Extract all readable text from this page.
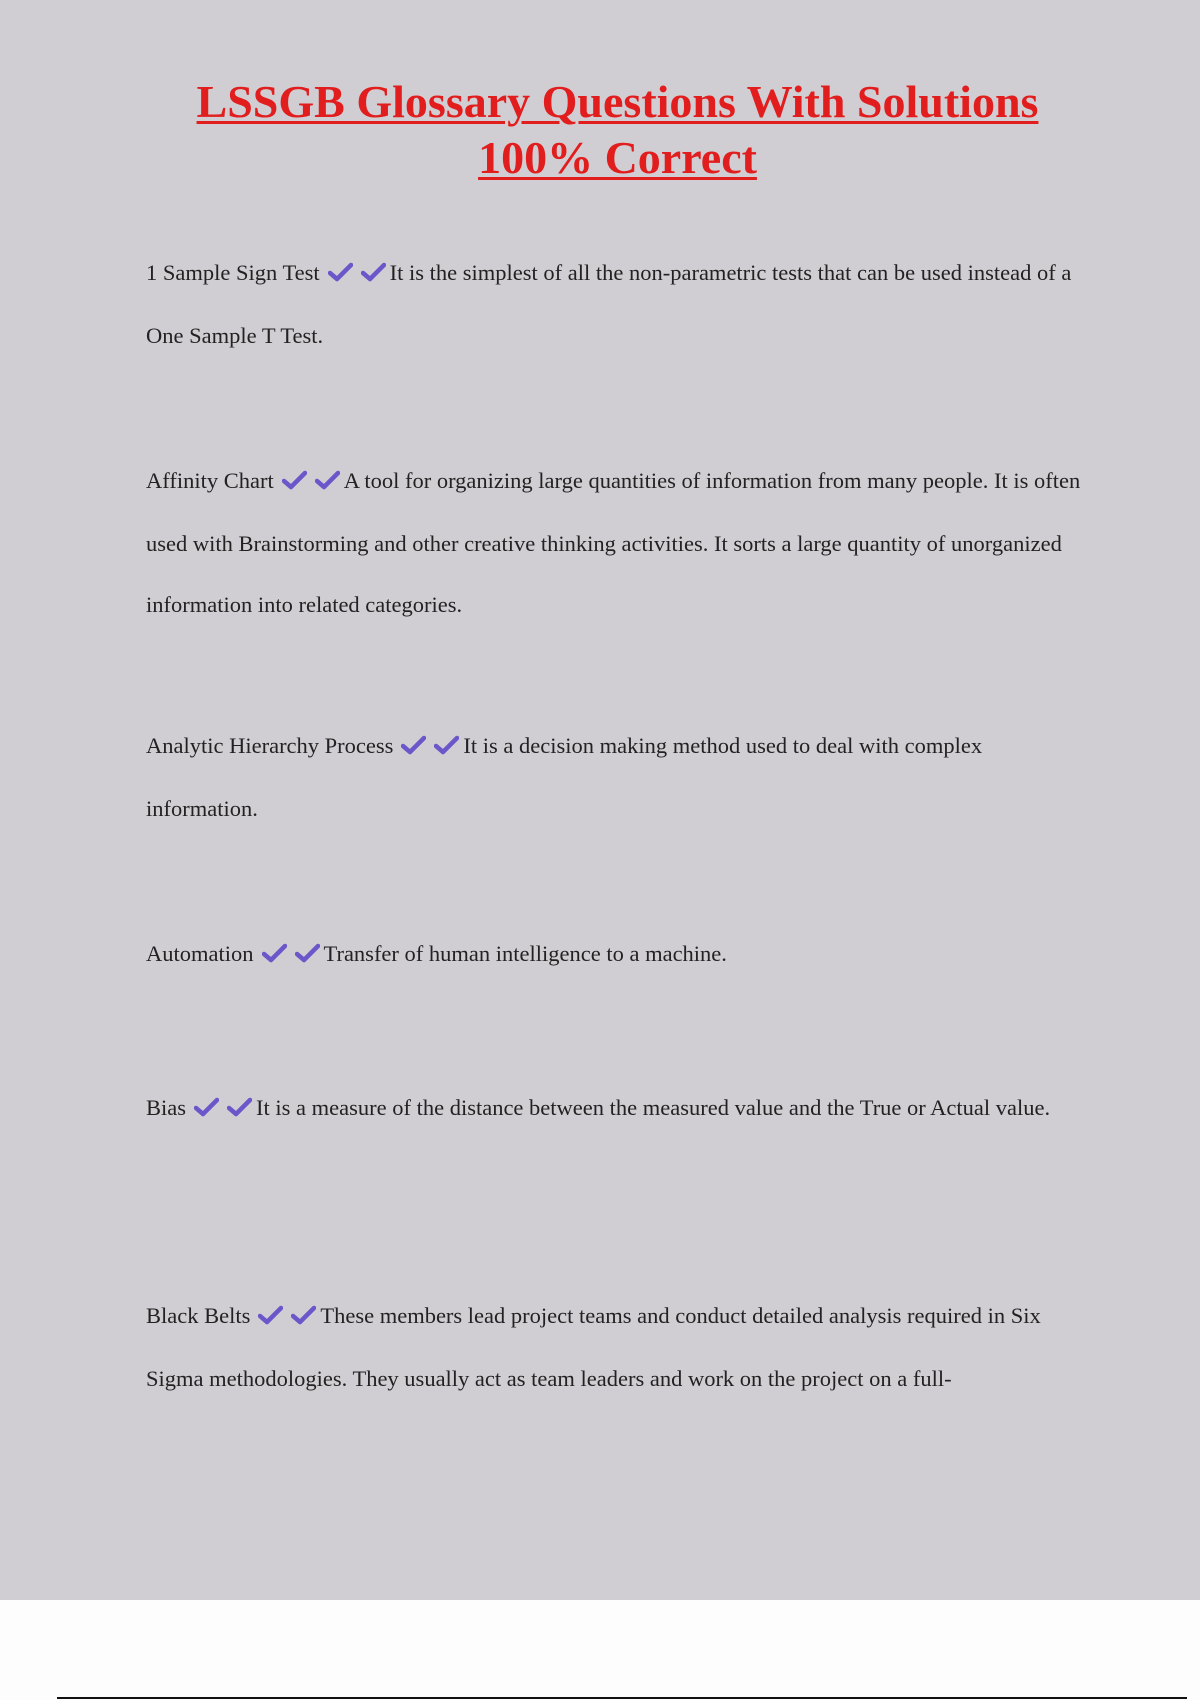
LSSGB Glossary Questions With Solutions
100% Correct

1 Sample Sign Test	It is the simplest of all the non-parametric tests that can be used instead of a One Sample T Test.

Affinity Chart	A tool for organizing large quantities of information from many people. It is often used with Brainstorming and other creative thinking activities. It sorts a large quantity of unorganized information into related categories.

Analytic Hierarchy Process	It is a decision making method used to deal with complex information.

Automation	Transfer of human intelligence to a machine.

Bias	It is a measure of the distance between the measured value and the True or Actual value.

Black Belts	These members lead project teams and conduct detailed analysis required in Six Sigma methodologies. They usually act as team leaders and work on the project on a full-
